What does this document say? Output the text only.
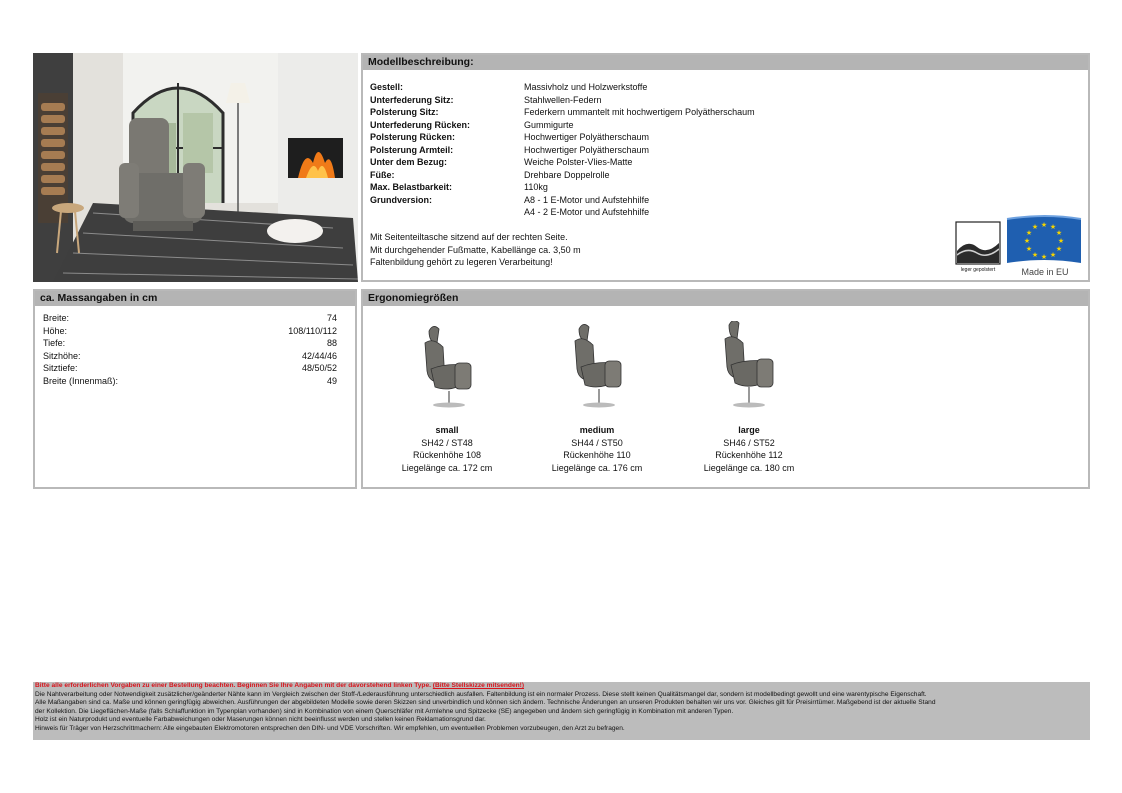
Modellbeschreibung:
Gestell:	Massivholz und Holzwerkstoffe
Unterfederung Sitz:	Stahlwellen-Federn
Polsterung Sitz:	Federkern ummantelt mit hochwertigem Polyätherschaum
Unterfederung Rücken:	Gummigurte
Polsterung Rücken:	Hochwertiger Polyätherschaum
Polsterung Armteil:	Hochwertiger Polyätherschaum
Unter dem Bezug:	Weiche Polster-Vlies-Matte
Füße:	Drehbare Doppelrolle
Max. Belastbarkeit:	110kg
Grundversion:	A8 - 1 E-Motor und Aufstehhilfe
A4 - 2 E-Motor und Aufstehhilfe
Mit Seitenteiltasche sitzend auf der rechten Seite.
Mit durchgehender Fußmatte, Kabellänge ca. 3,50 m
Faltenbildung gehört zu legeren Verarbeitung!
leger gepolstert
★ ★
★
★
★
★
★
★
★
★
★
★
Made in EU
ca. Massangaben in cm
Breite:	74
Höhe:	108/110/112
Tiefe:	88
Sitzhöhe:	42/44/46
Sitztiefe:	48/50/52
Breite (Innenmaß):	49
Ergonomiegrößen
small
SH42 / ST48
Rückenhöhe 108
Liegelänge ca. 172 cm
medium
SH44 / ST50
Rückenhöhe 110
Liegelänge ca. 176 cm
large
SH46 / ST52
Rückenhöhe 112
Liegelänge ca. 180 cm
Bitte alle erforderlichen Vorgaben zu einer Bestellung beachten. Beginnen Sie Ihre Angaben mit der davorstehend linken Type. (Bitte Stellskizze mitsenden!)
Die Nahtverarbeitung oder Notwendigkeit zusätzlicher/geänderter Nähte kann im Vergleich zwischen der Stoff-/Lederausführung unterschiedlich ausfallen. Faltenbildung ist ein normaler Prozess. Diese stellt keinen Qualitätsmangel dar, sondern ist modellbedingt gewollt und eine warentypische Eigenschaft.
Alle Maßangaben sind ca. Maße und können geringfügig abweichen. Ausführungen der abgebildeten Modelle sowie deren Skizzen sind unverbindlich und können sich ändern. Technische Änderungen an unseren Produkten behalten wir uns vor. Gleiches gilt für Preisirrtümer. Maßgebend ist der aktuelle Stand
der Kollektion. Die Liegeflächen-Maße (falls Schlaffunktion im Typenplan vorhanden) sind in Kombination von einem Querschläfer mit Armlehne und Spitzecke (SE) angegeben und ändern sich geringfügig in Kombination mit anderen Typen.
Holz ist ein Naturprodukt und eventuelle Farbabweichungen oder Maserungen können nicht beeinflusst werden und stellen keinen Reklamationsgrund dar.
Hinweis für Träger von Herzschrittmachern: Alle eingebauten Elektromotoren entsprechen den DIN- und VDE Vorschriften. Wir empfehlen, um eventuellen Problemen vorzubeugen, den Arzt zu befragen.
